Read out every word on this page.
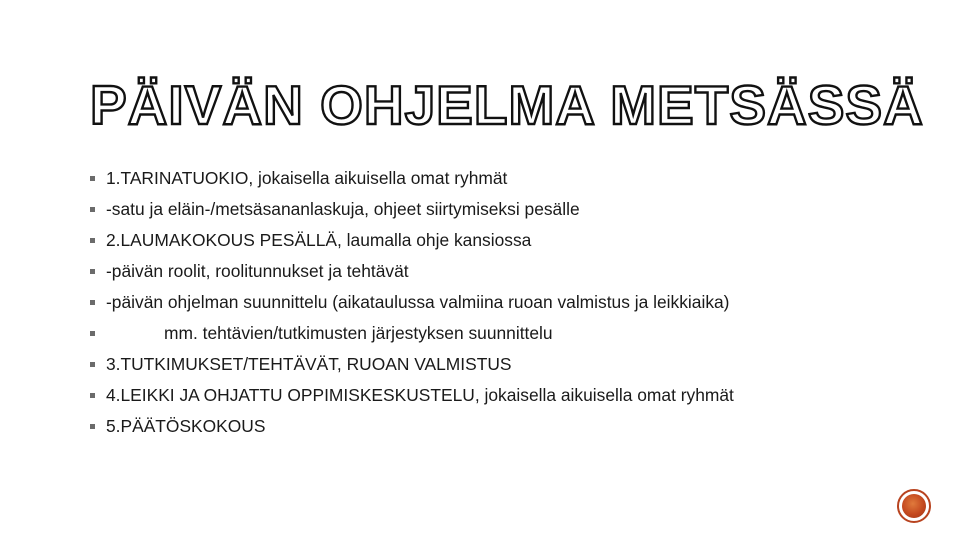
PÄIVÄN OHJELMA METSÄSSÄ
1.TARINATUOKIO, jokaisella aikuisella omat ryhmät
-satu ja eläin-/metsäsananlaskuja, ohjeet siirtymiseksi pesälle
2.LAUMAKOKOUS PESÄLLÄ, laumalla ohje kansiossa
-päivän roolit, roolitunnukset ja tehtävät
-päivän ohjelman suunnittelu (aikataulussa valmiina ruoan valmistus ja leikkiaika)
mm. tehtävien/tutkimusten järjestyksen suunnittelu
3.TUTKIMUKSET/TEHTÄVÄT, RUOAN VALMISTUS
4.LEIKKI JA OHJATTU OPPIMISKESKUSTELU, jokaisella aikuisella omat ryhmät
5.PÄÄTÖSKOKOUS
